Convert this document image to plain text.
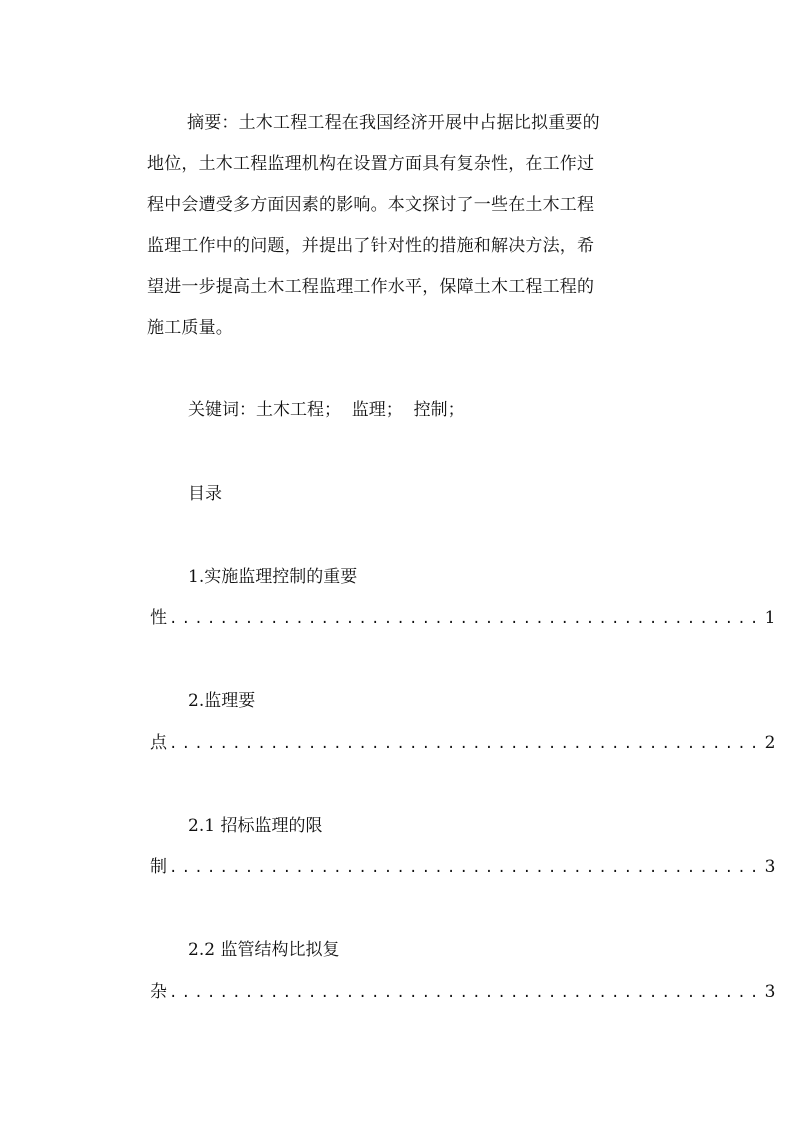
摘要：土木工程工程在我国经济开展中占据比拟重要的
地位，土木工程监理机构在设置方面具有复杂性，在工作过
程中会遭受多方面因素的影响。本文探讨了一些在土木工程
监理工作中的问题，并提出了针对性的措施和解决方法，希
望进一步提高土木工程监理工作水平，保障土木工程工程的
施工质量。
关键词：土木工程；  监理；  控制；
目录
1.实施监理控制的重要
性 ............................................... 1
2.监理要
点 ............................................... 2
2.1 招标监理的限
制 ............................................... 3
2.2 监管结构比拟复
杂 ............................................... 3
